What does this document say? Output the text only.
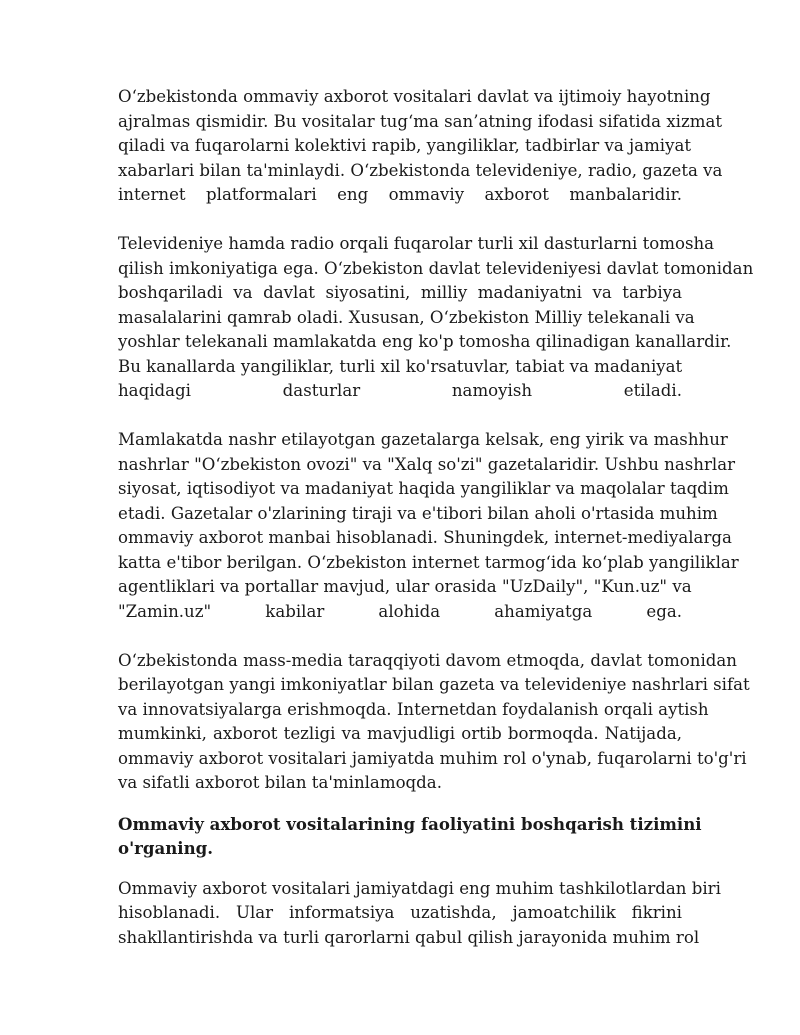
O‘zbekistonda ommaviy axborot vositalari davlat va ijtimoiy hayotning
ajralmas qismidir. Bu vositalar tug‘ma san’atning ifodasi sifatida xizmat
qiladi va fuqarolarni kolektivi rapib, yangiliklar, tadbirlar va jamiyat
xabarlari bilan ta'minlaydi. O‘zbekistonda televideniye, radio, gazeta va
internet platformalari eng ommaviy axborot manbalaridir.
Televideniye hamda radio orqali fuqarolar turli xil dasturlarni tomosha
qilish imkoniyatiga ega. O‘zbekiston davlat televideniyesi davlat tomonidan
boshqariladi va davlat siyosatini, milliy madaniyatni va tarbiya
masalalarini qamrab oladi. Xususan, O‘zbekiston Milliy telekanali va
yoshlar telekanali mamlakatda eng ko'p tomosha qilinadigan kanallardir.
Bu kanallarda yangiliklar, turli xil ko'rsatuvlar, tabiat va madaniyat
haqidagi dasturlar namoyish etiladi.
Mamlakatda nashr etilayotgan gazetalarga kelsak, eng yirik va mashhur
nashrlar "O‘zbekiston ovozi" va "Xalq so'zi" gazetalaridir. Ushbu nashrlar
siyosat, iqtisodiyot va madaniyat haqida yangiliklar va maqolalar taqdim
etadi. Gazetalar o'zlarining tiraji va e'tibori bilan aholi o'rtasida muhim
ommaviy axborot manbai hisoblanadi. Shuningdek, internet-mediyalarga
katta e'tibor berilgan. O‘zbekiston internet tarmog‘ida ko‘plab yangiliklar
agentliklari va portallar mavjud, ular orasida "UzDaily", "Kun.uz" va
"Zamin.uz" kabilar alohida ahamiyatga ega.
O‘zbekistonda mass-media taraqqiyoti davom etmoqda, davlat tomonidan
berilayotgan yangi imkoniyatlar bilan gazeta va televideniye nashrlari sifat
va innovatsiyalarga erishmoqda. Internetdan foydalanish orqali aytish
mumkinki, axborot tezligi va mavjudligi ortib bormoqda. Natijada,
ommaviy axborot vositalari jamiyatda muhim rol o'ynab, fuqarolarni to'g'ri
va sifatli axborot bilan ta'minlamoqda.
Ommaviy axborot vositalarining faoliyatini boshqarish tizimini
o'rganing.
Ommaviy axborot vositalari jamiyatdagi eng muhim tashkilotlardan biri
hisoblanadi. Ular informatsiya uzatishda, jamoatchilik fikrini
shakllantirishda va turli qarorlarni qabul qilish jarayonida muhim rol
